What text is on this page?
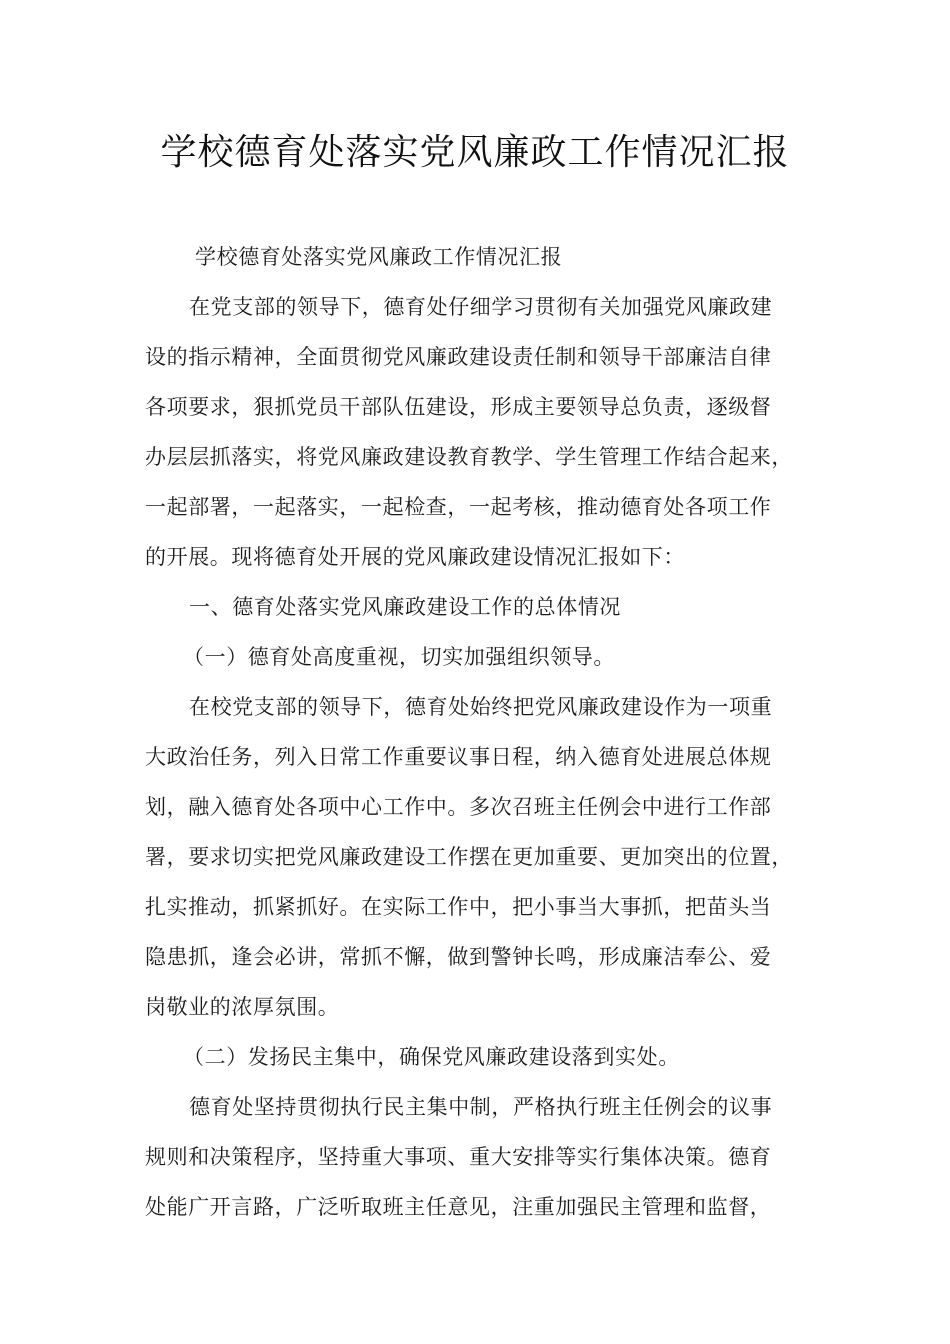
学校德育处落实党风廉政工作情况汇报
学校德育处落实党风廉政工作情况汇报
在党支部的领导下，德育处仔细学习贯彻有关加强党风廉政建
设的指示精神，全面贯彻党风廉政建设责任制和领导干部廉洁自律
各项要求，狠抓党员干部队伍建设，形成主要领导总负责，逐级督
办层层抓落实，将党风廉政建设教育教学、学生管理工作结合起来，
一起部署，一起落实，一起检查，一起考核，推动德育处各项工作
的开展。现将德育处开展的党风廉政建设情况汇报如下：
一、德育处落实党风廉政建设工作的总体情况
（一）德育处高度重视，切实加强组织领导。
在校党支部的领导下，德育处始终把党风廉政建设作为一项重
大政治任务，列入日常工作重要议事日程，纳入德育处进展总体规
划，融入德育处各项中心工作中。多次召班主任例会中进行工作部
署，要求切实把党风廉政建设工作摆在更加重要、更加突出的位置，
扎实推动，抓紧抓好。在实际工作中，把小事当大事抓，把苗头当
隐患抓，逢会必讲，常抓不懈，做到警钟长鸣，形成廉洁奉公、爱
岗敬业的浓厚氛围。
（二）发扬民主集中，确保党风廉政建设落到实处。
德育处坚持贯彻执行民主集中制，严格执行班主任例会的议事
规则和决策程序，坚持重大事项、重大安排等实行集体决策。德育
处能广开言路，广泛听取班主任意见，注重加强民主管理和监督，
